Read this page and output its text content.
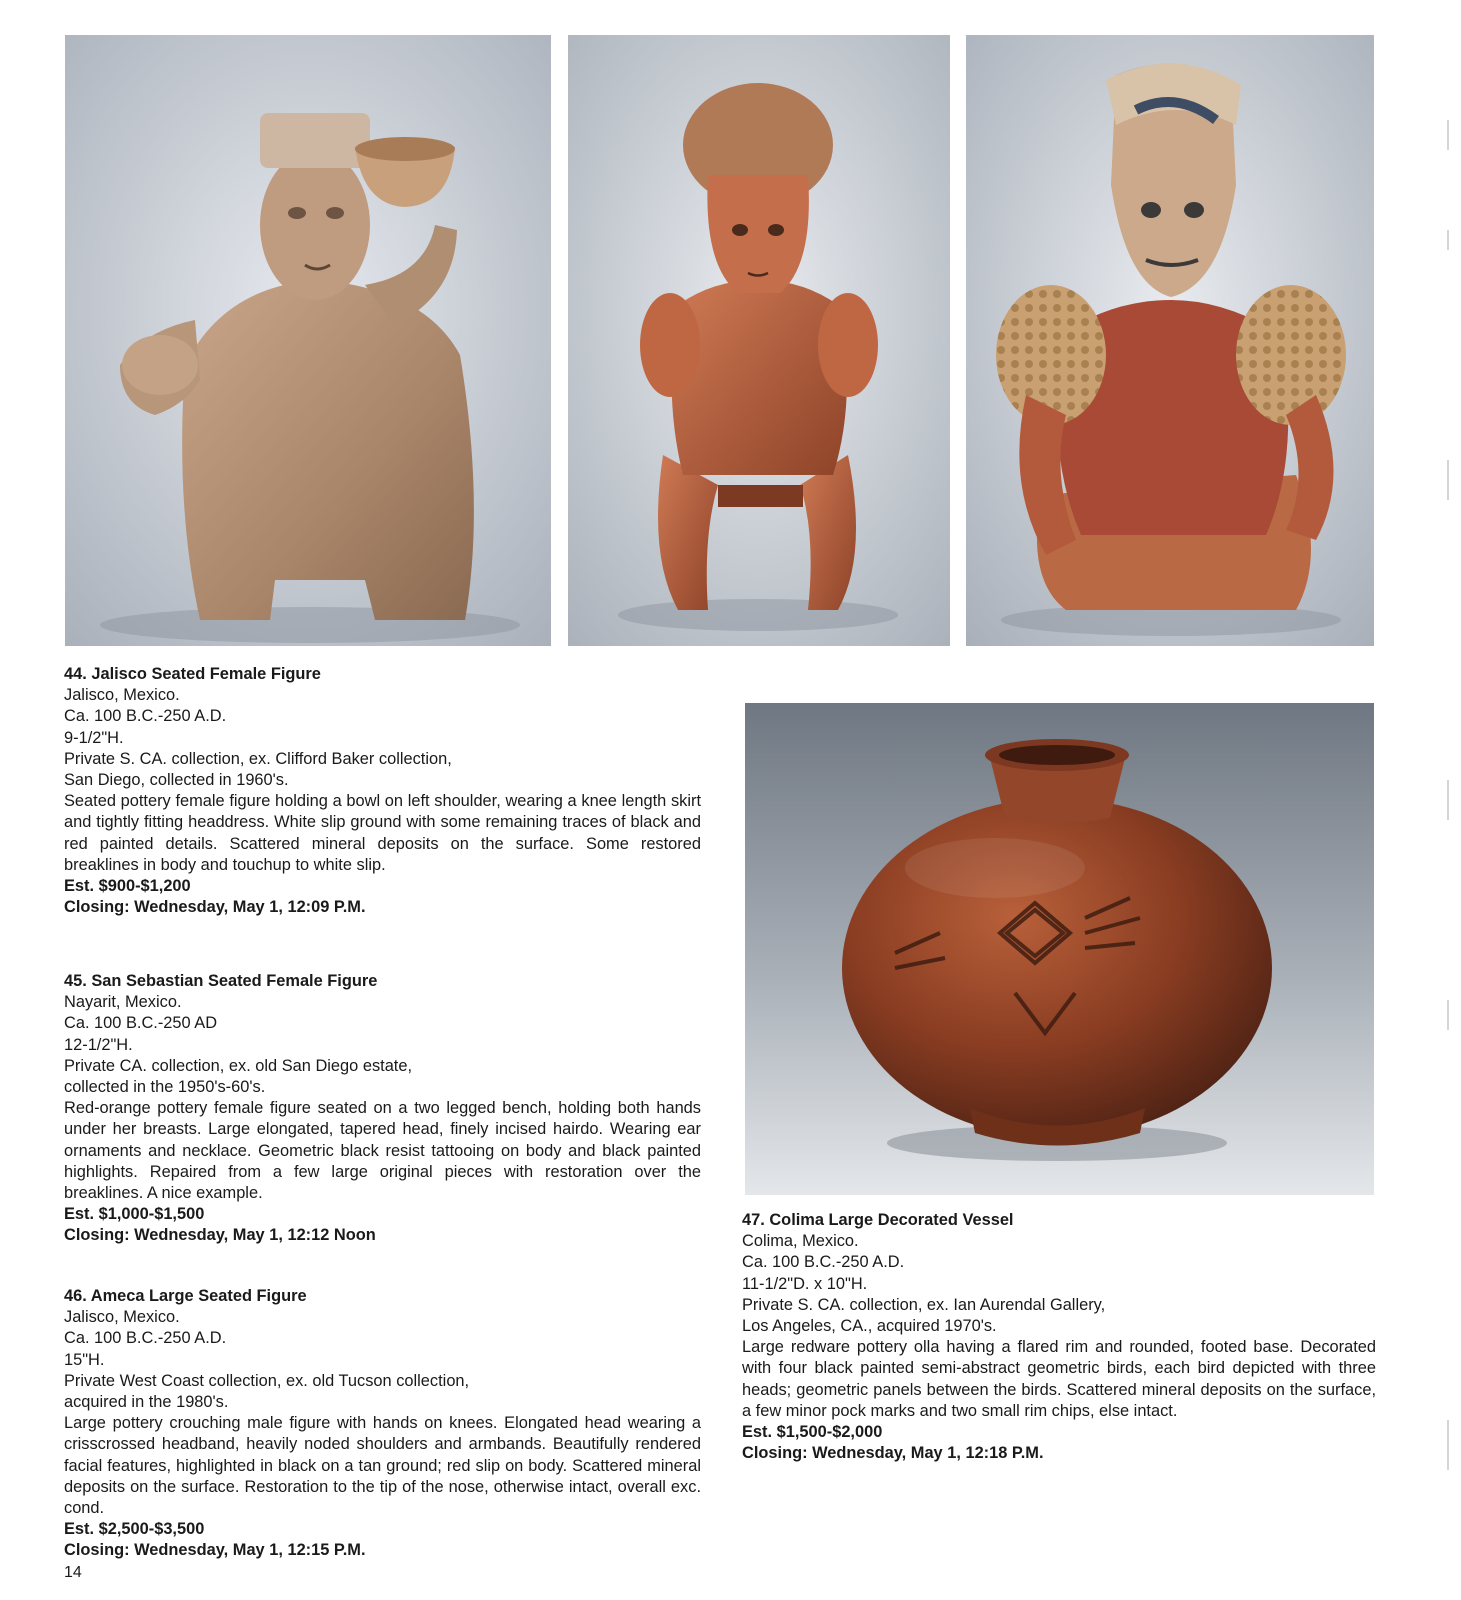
44. Jalisco Seated Female Figure

Jalisco, Mexico.

Ca. 100 B.C.-250 A.D.

9-1/2"H.

Private S. CA. collection, ex. Clifford Baker collection,

San Diego, collected in 1960's.

Seated pottery female figure holding a bowl on left shoulder, wearing a knee length skirt and tightly fitting headdress. White slip ground with some remaining traces of black and red painted details. Scattered mineral deposits on the surface. Some restored breaklines in body and touchup to white slip.

Est. $900-$1,200

Closing: Wednesday, May 1, 12:09 P.M.

45. San Sebastian Seated Female Figure

Nayarit, Mexico.

Ca. 100 B.C.-250 AD

12-1/2"H.

Private CA. collection, ex. old San Diego estate,

collected in the 1950's-60's.

Red-orange pottery female figure seated on a two legged bench, holding both hands under her breasts. Large elongated, tapered head, finely incised hairdo. Wearing ear ornaments and necklace. Geometric black resist tattooing on body and black painted highlights. Repaired from a few large original pieces with restoration over the breaklines. A nice example.

Est. $1,000-$1,500

Closing: Wednesday, May 1, 12:12 Noon

46. Ameca Large Seated Figure

Jalisco, Mexico.

Ca. 100 B.C.-250 A.D.

15"H.

Private West Coast collection, ex. old Tucson collection,

acquired in the 1980's.

Large pottery crouching male figure with hands on knees. Elongated head wearing a crisscrossed headband, heavily noded shoulders and armbands. Beautifully rendered facial features, highlighted in black on a tan ground; red slip on body. Scattered mineral deposits on the surface. Restoration to the tip of the nose, otherwise intact, overall exc. cond.

Est. $2,500-$3,500

Closing: Wednesday, May 1, 12:15 P.M.

47. Colima Large Decorated Vessel

Colima, Mexico.

Ca. 100 B.C.-250 A.D.

11-1/2"D. x 10"H.

Private S. CA. collection, ex. Ian Aurendal Gallery,

Los Angeles, CA., acquired 1970's.

Large redware pottery olla having a flared rim and rounded, footed base. Decorated with four black painted semi-abstract geometric birds, each bird depicted with three heads; geometric panels between the birds. Scattered mineral deposits on the surface, a few minor pock marks and two small rim chips, else intact.

Est. $1,500-$2,000

Closing: Wednesday, May 1, 12:18 P.M.

14
